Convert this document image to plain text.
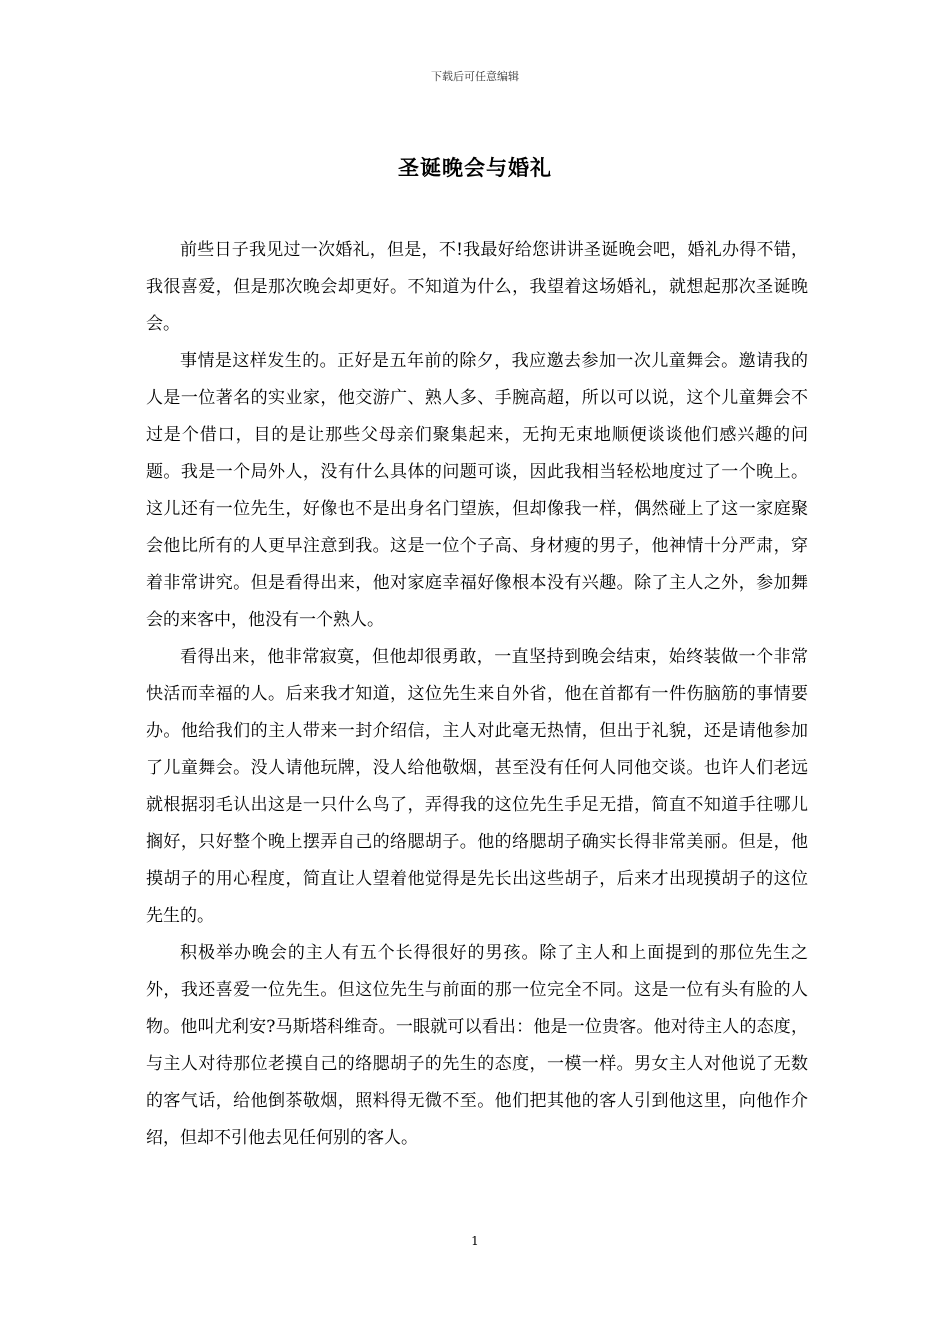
下载后可任意编辑
圣诞晚会与婚礼

前些日子我见过一次婚礼，但是，不!我最好给您讲讲圣诞晚会吧，婚礼办得不错，我很喜爱，但是那次晚会却更好。不知道为什么，我望着这场婚礼，就想起那次圣诞晚会。

事情是这样发生的。正好是五年前的除夕，我应邀去参加一次儿童舞会。邀请我的人是一位著名的实业家，他交游广、熟人多、手腕高超，所以可以说，这个儿童舞会不过是个借口，目的是让那些父母亲们聚集起来，无拘无束地顺便谈谈他们感兴趣的问题。我是一个局外人，没有什么具体的问题可谈，因此我相当轻松地度过了一个晚上。这儿还有一位先生，好像也不是出身名门望族，但却像我一样，偶然碰上了这一家庭聚会他比所有的人更早注意到我。这是一位个子高、身材瘦的男子，他神情十分严肃，穿着非常讲究。但是看得出来，他对家庭幸福好像根本没有兴趣。除了主人之外，参加舞会的来客中，他没有一个熟人。

看得出来，他非常寂寞，但他却很勇敢，一直坚持到晚会结束，始终装做一个非常快活而幸福的人。后来我才知道，这位先生来自外省，他在首都有一件伤脑筋的事情要办。他给我们的主人带来一封介绍信，主人对此毫无热情，但出于礼貌，还是请他参加了儿童舞会。没人请他玩牌，没人给他敬烟，甚至没有任何人同他交谈。也许人们老远就根据羽毛认出这是一只什么鸟了，弄得我的这位先生手足无措，简直不知道手往哪儿搁好，只好整个晚上摆弄自己的络腮胡子。他的络腮胡子确实长得非常美丽。但是，他摸胡子的用心程度，简直让人望着他觉得是先长出这些胡子，后来才出现摸胡子的这位先生的。

积极举办晚会的主人有五个长得很好的男孩。除了主人和上面提到的那位先生之外，我还喜爱一位先生。但这位先生与前面的那一位完全不同。这是一位有头有脸的人物。他叫尤利安?马斯塔科维奇。一眼就可以看出：他是一位贵客。他对待主人的态度，与主人对待那位老摸自己的络腮胡子的先生的态度，一模一样。男女主人对他说了无数的客气话，给他倒茶敬烟，照料得无微不至。他们把其他的客人引到他这里，向他作介绍，但却不引他去见任何别的客人。

1
